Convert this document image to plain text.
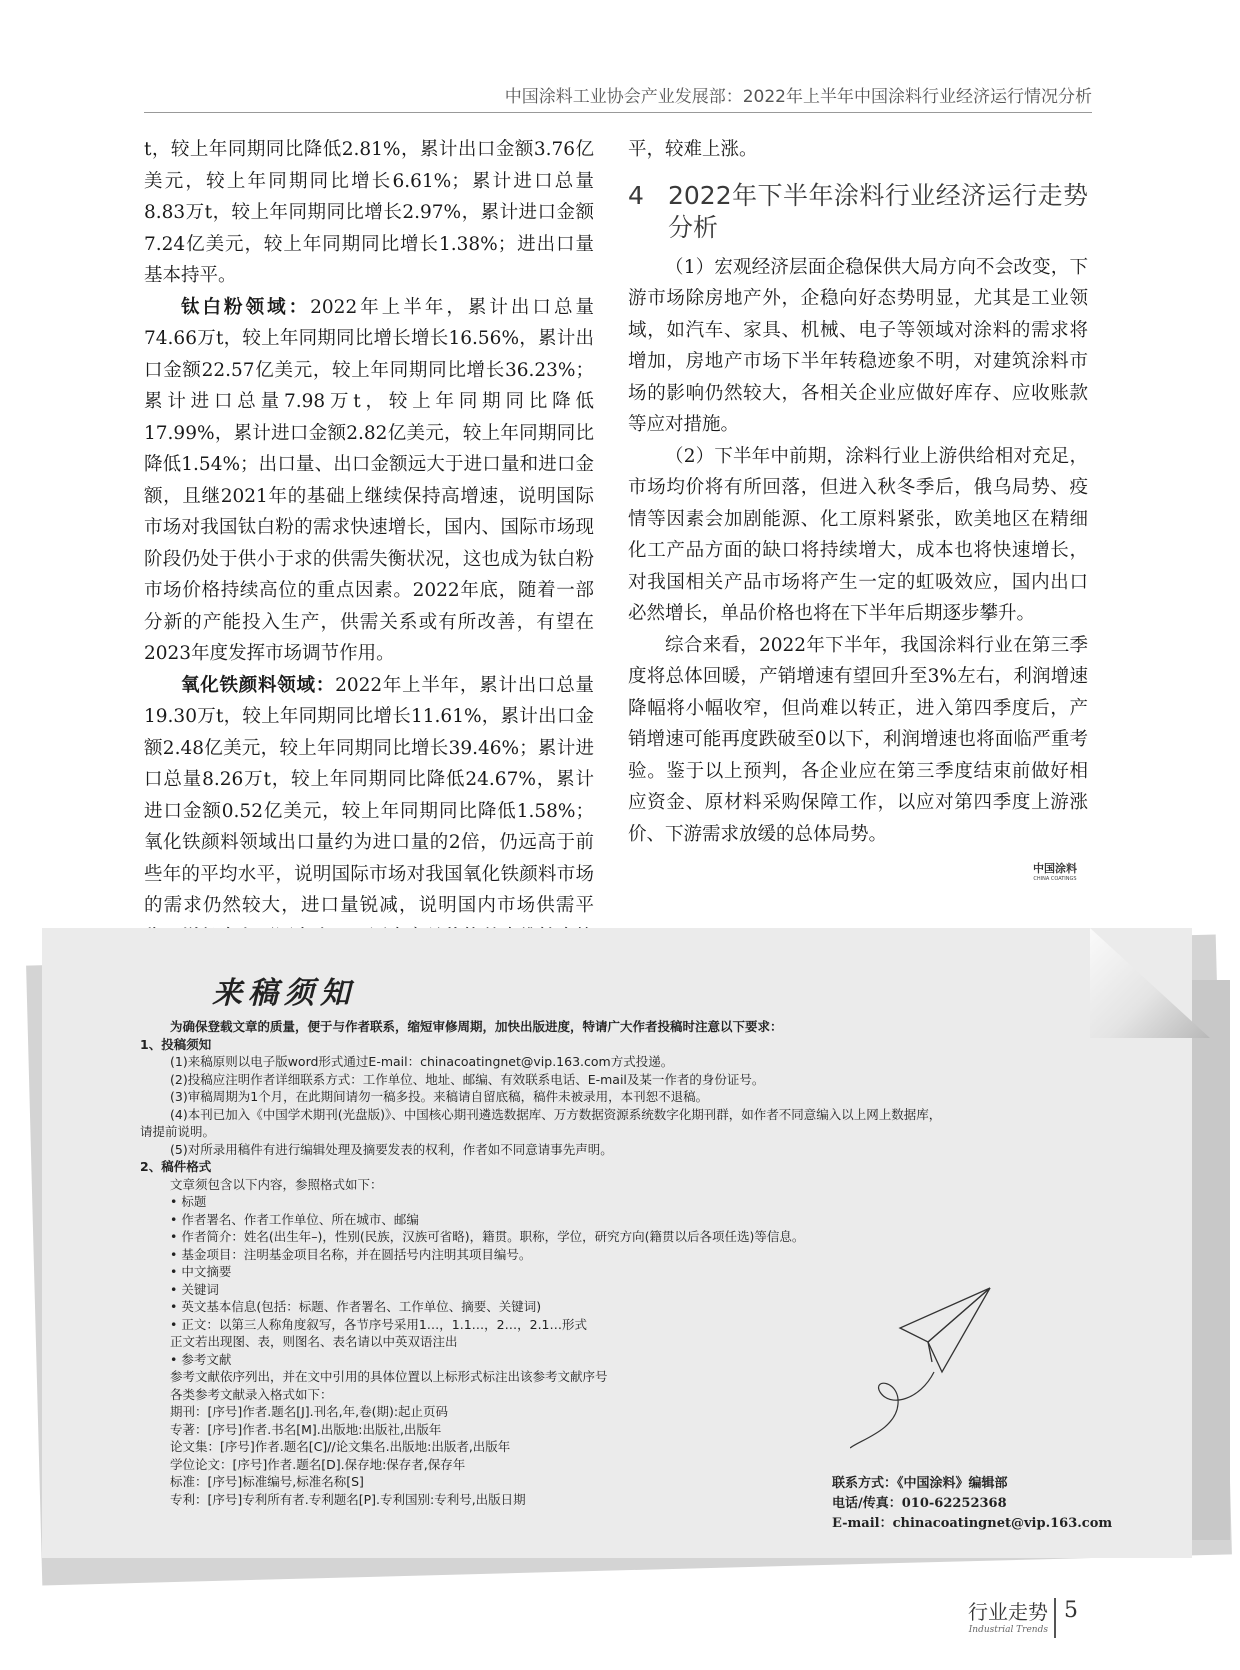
中国涂料工业协会产业发展部：2022年上半年中国涂料行业经济运行情况分析

t，较上年同期同比降低2.81%，累计出口金额3.76亿美元，较上年同期同比增长6.61%；累计进口总量8.83万t，较上年同期同比增长2.97%，累计进口金额7.24亿美元，较上年同期同比增长1.38%；进出口量基本持平。

钛白粉领域：2022年上半年，累计出口总量74.66万t，较上年同期同比增长增长16.56%，累计出口金额22.57亿美元，较上年同期同比增长36.23%；累计进口总量7.98万t，较上年同期同比降低17.99%，累计进口金额2.82亿美元，较上年同期同比降低1.54%；出口量、出口金额远大于进口量和进口金额，且继2021年的基础上继续保持高增速，说明国际市场对我国钛白粉的需求快速增长，国内、国际市场现阶段仍处于供小于求的供需失衡状况，这也成为钛白粉市场价格持续高位的重点因素。2022年底，随着一部分新的产能投入生产，供需关系或有所改善，有望在2023年度发挥市场调节作用。

氧化铁颜料领域：2022年上半年，累计出口总量19.30万t，较上年同期同比增长11.61%，累计出口金额2.48亿美元，较上年同期同比增长39.46%；累计进口总量8.26万t，较上年同期同比降低24.67%，累计进口金额0.52亿美元，较上年同期同比降低1.58%；氧化铁颜料领域出口量约为进口量的2倍，仍远高于前些年的平均水平，说明国际市场对我国氧化铁颜料市场的需求仍然较大，进口量锐减，说明国内市场供需平

平，较难上涨。

4 2022年下半年涂料行业经济运行走势分析

（1）宏观经济层面企稳保供大局方向不会改变，下游市场除房地产外，企稳向好态势明显，尤其是工业领域，如汽车、家具、机械、电子等领域对涂料的需求将增加，房地产市场下半年转稳迹象不明，对建筑涂料市场的影响仍然较大，各相关企业应做好库存、应收账款等应对措施。

（2）下半年中前期，涂料行业上游供给相对充足，市场均价将有所回落，但进入秋冬季后，俄乌局势、疫情等因素会加剧能源、化工原料紧张，欧美地区在精细化工产品方面的缺口将持续增大，成本也将快速增长，对我国相关产品市场将产生一定的虹吸效应，国内出口必然增长，单品价格也将在下半年后期逐步攀升。

综合来看，2022年下半年，我国涂料行业在第三季度将总体回暖，产销增速有望回升至3%左右，利润增速降幅将小幅收窄，但尚难以转正，进入第四季度后，产销增速可能再度跌破至0以下，利润增速也将面临严重考验。鉴于以上预判，各企业应在第三季度结束前做好相应资金、原材料采购保障工作，以应对第四季度上游涨价、下游需求放缓的总体局势。

中国涂料
CHINA COATINGS
来稿须知
为确保登载文章的质量，便于与作者联系，缩短审修周期，加快出版进度，特请广大作者投稿时注意以下要求：
1、投稿须知
(1)来稿原则以电子版word形式通过E-mail：chinacoatingnet@vip.163.com方式投递。
(2)投稿应注明作者详细联系方式：工作单位、地址、邮编、有效联系电话、E-mail及某一作者的身份证号。
(3)审稿周期为1个月，在此期间请勿一稿多投。来稿请自留底稿，稿件未被录用，本刊恕不退稿。
(4)本刊已加入《中国学术期刊(光盘版)》、中国核心期刊遴选数据库、万方数据资源系统数字化期刊群，如作者不同意编入以上网上数据库，
请提前说明。
(5)对所录用稿件有进行编辑处理及摘要发表的权利，作者如不同意请事先声明。
2、稿件格式
文章须包含以下内容，参照格式如下：
• 标题
• 作者署名、作者工作单位、所在城市、邮编
• 作者简介：姓名(出生年–)，性别(民族，汉族可省略)，籍贯。职称，学位，研究方向(籍贯以后各项任选)等信息。
• 基金项目：注明基金项目名称，并在圆括号内注明其项目编号。
• 中文摘要
• 关键词
• 英文基本信息(包括：标题、作者署名、工作单位、摘要、关键词)
• 正文：以第三人称角度叙写，各节序号采用1…，1.1…，2…，2.1…形式
正文若出现图、表，则图名、表名请以中英双语注出
• 参考文献
参考文献依序列出，并在文中引用的具体位置以上标形式标注出该参考文献序号
各类参考文献录入格式如下：
期刊：[序号]作者.题名[J].刊名,年,卷(期):起止页码
专著：[序号]作者.书名[M].出版地:出版社,出版年
论文集：[序号]作者.题名[C]//论文集名.出版地:出版者,出版年
学位论文：[序号]作者.题名[D].保存地:保存者,保存年
标准：[序号]标准编号,标准名称[S]
专利：[序号]专利所有者.专利题名[P].专利国别:专利号,出版日期
联系方式：《中国涂料》编辑部
电话/传真：010-62252368
E-mail：chinacoatingnet@vip.163.com
行业走势
Industrial Trends
5
